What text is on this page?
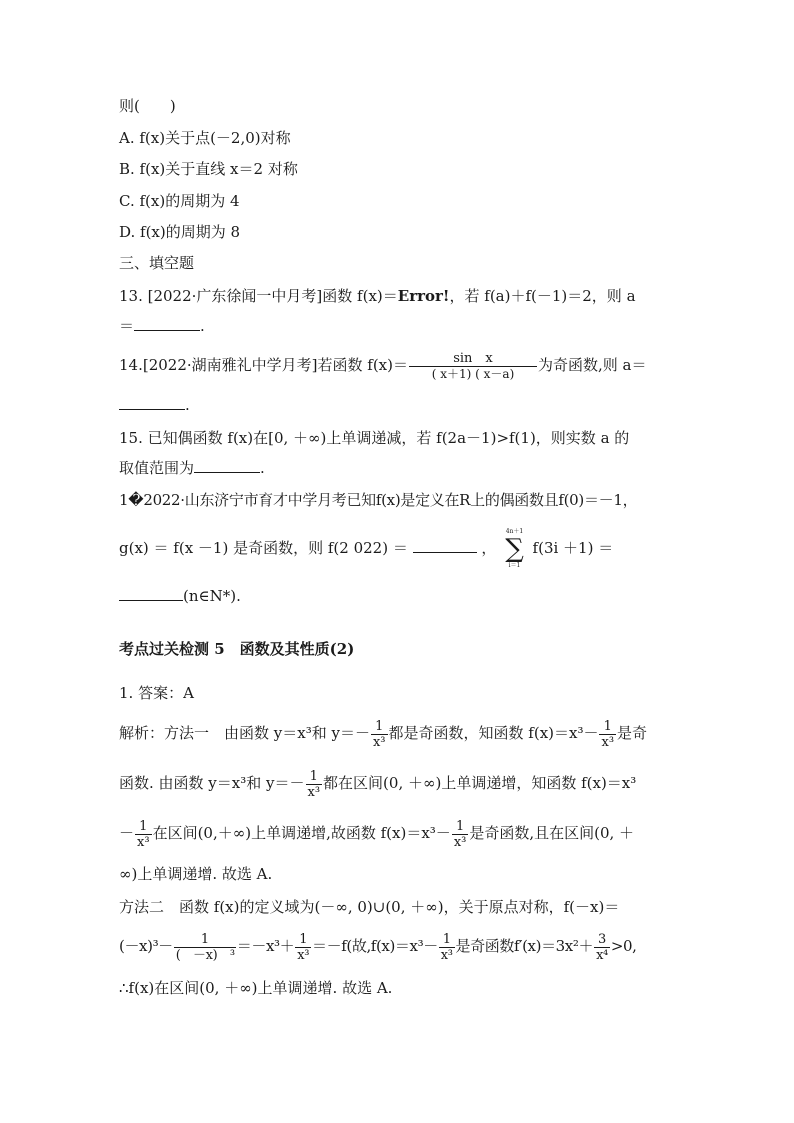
则(　　)
A. f(x)关于点(－2,0)对称
B. f(x)关于直线 x＝2 对称
C. f(x)的周期为 4
D. f(x)的周期为 8
三、填空题
13. [2022·广东徐闻一中月考]函数 f(x)＝Error!，若 f(a)＋f(－1)＝2，则 a
＝	.
14.[2022·湖南雅礼中学月考]若函数 $f(x)= \frac{\text{sin　x}}{( x+1) ( x-a)}$ 为奇函数,则 a＝
.
15. 已知偶函数 f(x)在[0, ＋∞)上单调递减，若 f(2a－1)>f(1)，则实数 a 的
取值范围为	.
1�2022·山东济宁市育才中学月考已知f(x)是定义在R上的偶函数且f(0)＝－1，
g(x) ＝ f(x －1) 是奇函数，则 f(2 022) ＝	，
4n＋1
∑
i＝1
f(3i ＋1) ＝
(n∈N*).
考点过关检测 5　函数及其性质(2)
1. 答案：A
解析：方法一　由函数 y＝x³和 $y=- \frac{1}{\text{x³}}$ 都是奇函数，知函数 $f(x)=x^3- \frac{1}{\text{x³}}$ 是奇
函数. 由函数 y＝x³和 $y=- \frac{1}{\text{x³}}$ 都在区间(0, ＋∞)上单调递增，知函数 f(x)＝x³
－ $\frac{1}{\text{x³}}$ 在区间(0,＋∞)上单调递增,故函数 $f(x)=x^3- \frac{1}{\text{x³}}$ 是奇函数,且在区间(0, ＋
∞)上单调递增. 故选 A.
方法二　函数 f(x)的定义域为(－∞, 0)∪(0, ＋∞)，关于原点对称，f(－x)＝
$(-x)^3- \frac{1}{\text{(　－x)　³}} =-x^3+ \frac{1}{\text{x³}} =-f$(故$,f(x)=x^3- \frac{1}{\text{x³}}$ 是奇函数$f'(x)=3x^2+ \frac{3}{\text{x⁴}} >0$,
∴f(x)在区间(0, ＋∞)上单调递增. 故选 A.
